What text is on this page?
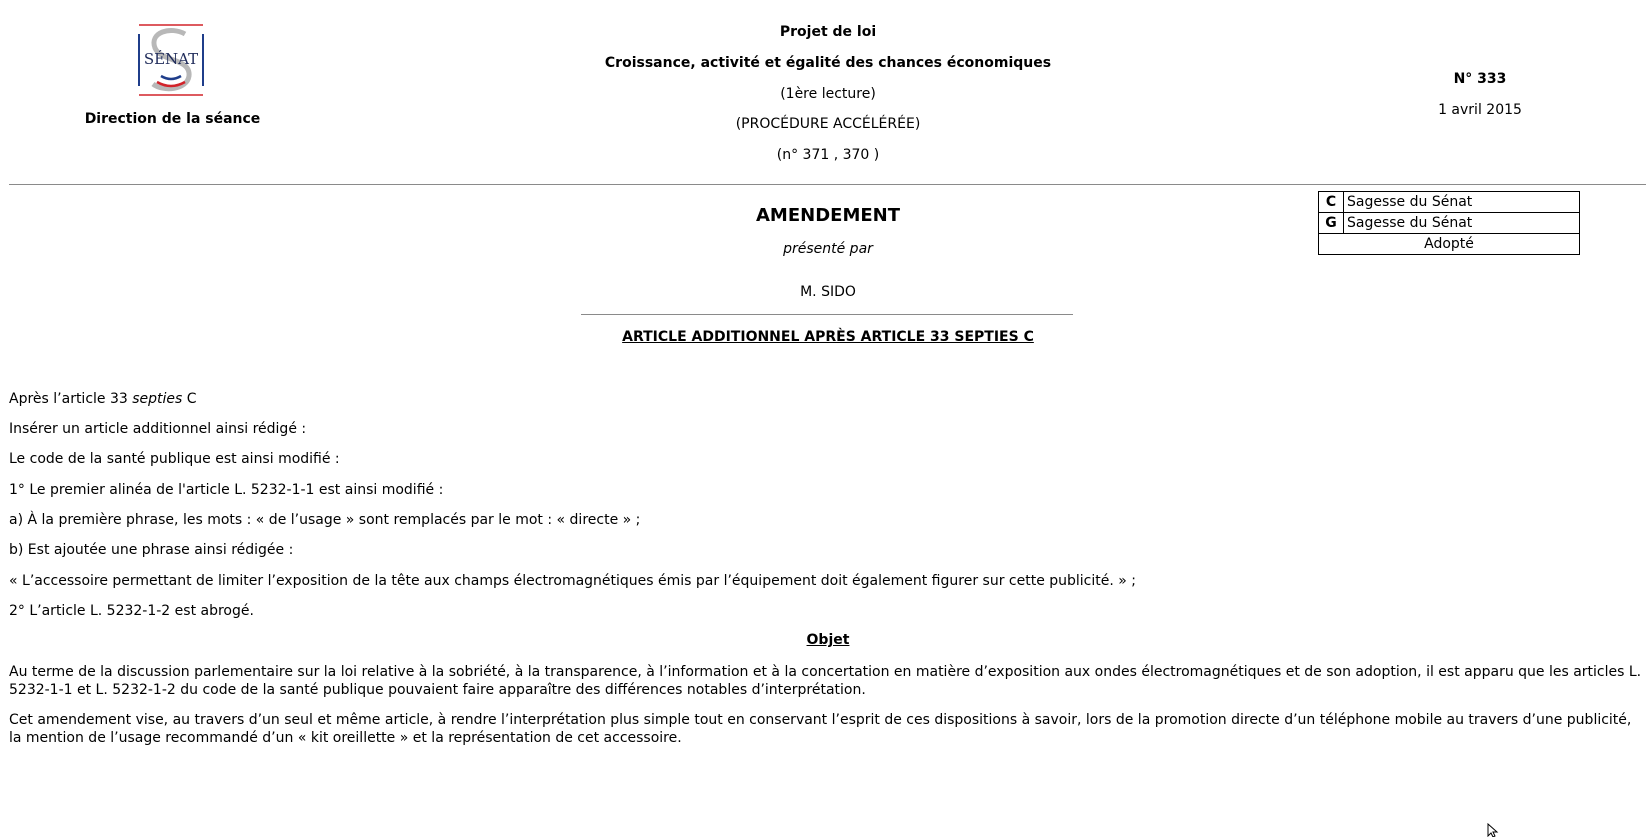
SÉNAT
Direction de la séance
Projet de loi
Croissance, activité et égalité des chances économiques
(1ère lecture)
(PROCÉDURE ACCÉLÉRÉE)
(n° 371 , 370 )
N° 333
1 avril 2015
C	Sagesse du Sénat
G	Sagesse du Sénat
Adopté	
AMENDEMENT
présenté par
M. SIDO
ARTICLE ADDITIONNEL APRÈS ARTICLE 33 SEPTIES C
Après l’article 33 septies C
Insérer un article additionnel ainsi rédigé :
Le code de la santé publique est ainsi modifié :
1° Le premier alinéa de l'article L. 5232-1-1 est ainsi modifié :
a) À la première phrase, les mots : « de l’usage » sont remplacés par le mot : « directe » ;
b) Est ajoutée une phrase ainsi rédigée :
« L’accessoire permettant de limiter l’exposition de la tête aux champs électromagnétiques émis par l’équipement doit également figurer sur cette publicité. » ;
2° L’article L. 5232-1-2 est abrogé.
Objet
Au terme de la discussion parlementaire sur la loi relative à la sobriété, à la transparence, à l’information et à la concertation en matière d’exposition aux ondes électromagnétiques et de son adoption, il est apparu que les articles L. 5232-1-1 et L. 5232-1-2 du code de la santé publique pouvaient faire apparaître des différences notables d’interprétation.
Cet amendement vise, au travers d’un seul et même article, à rendre l’interprétation plus simple tout en conservant l’esprit de ces dispositions à savoir, lors de la promotion directe d’un téléphone mobile au travers d’une publicité, la mention de l’usage recommandé d’un « kit oreillette » et la représentation de cet accessoire.
